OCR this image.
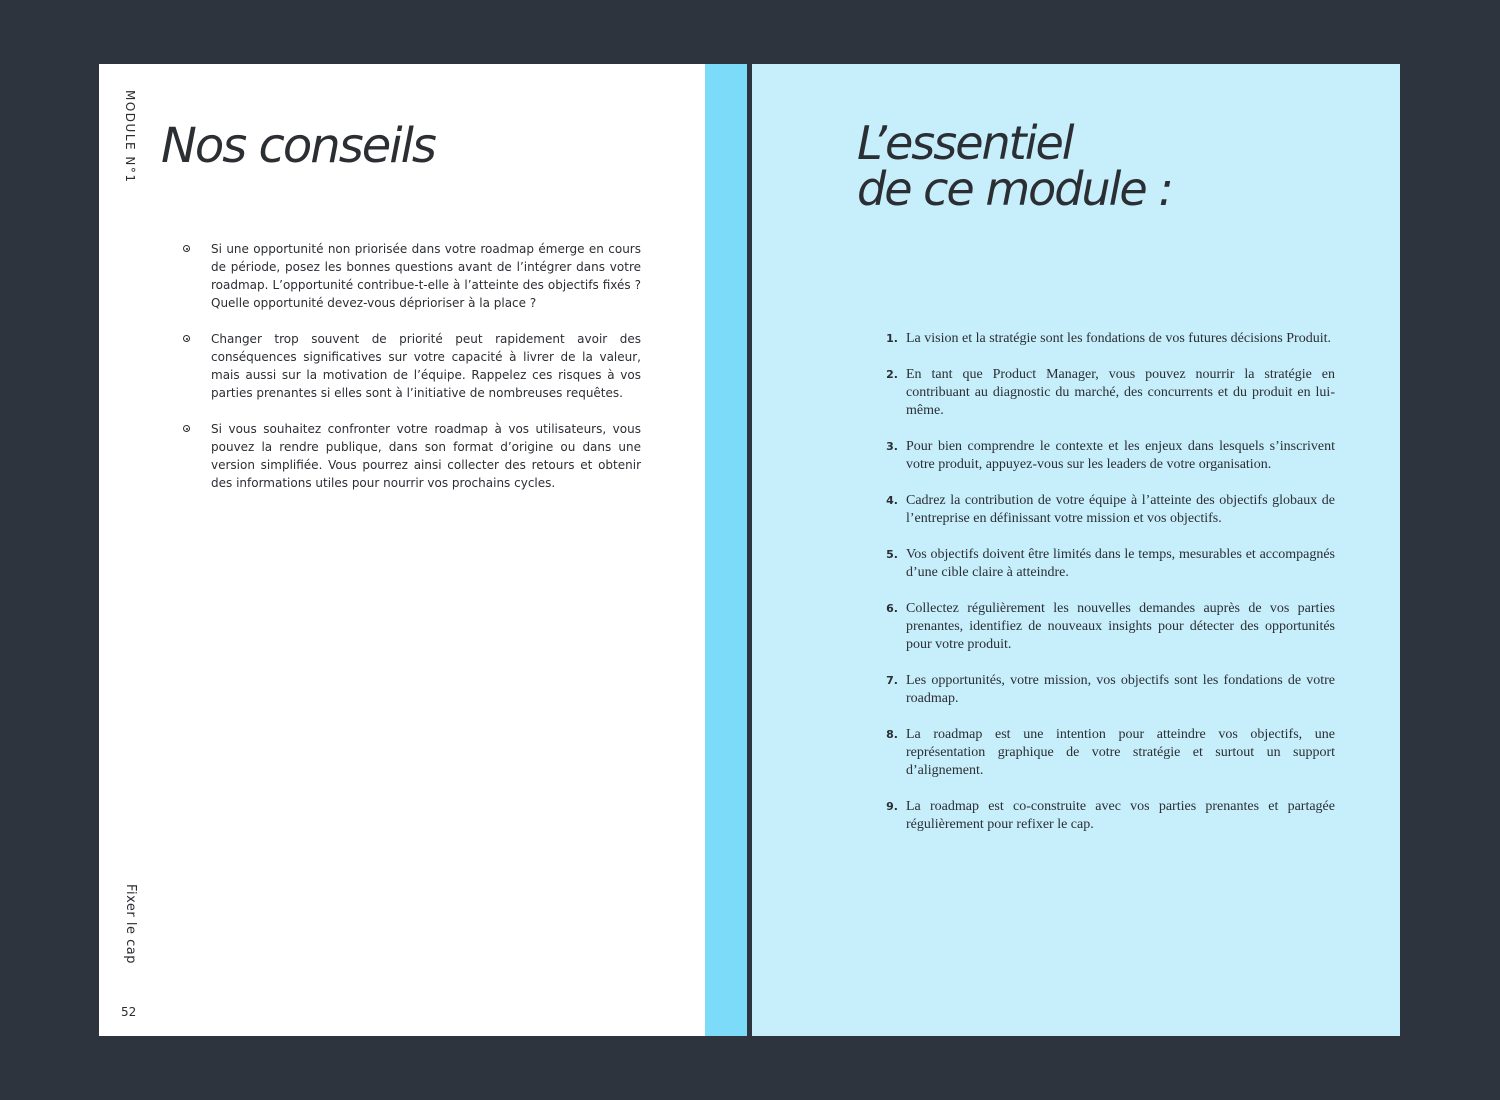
MODULE N°1 Nos conseils
Si une opportunité non priorisée dans votre roadmap émerge en cours de période, posez les bonnes questions avant de l’intégrer dans votre roadmap. L’opportunité contribue-t-elle à l’atteinte des objectifs fixés ? Quelle opportunité devez-vous déprioriser à la place ?
Changer trop souvent de priorité peut rapidement avoir des conséquences significatives sur votre capacité à livrer de la valeur, mais aussi sur la motivation de l’équipe. Rappelez ces risques à vos parties prenantes si elles sont à l’initiative de nombreuses requêtes.
Si vous souhaitez confronter votre roadmap à vos utilisateurs, vous pouvez la rendre publique, dans son format d’origine ou dans une version simplifiée. Vous pourrez ainsi collecter des retours et obtenir des informations utiles pour nourrir vos prochains cycles.
Fixer le cap
52
L’essentiel
de ce module :
1. La vision et la stratégie sont les fondations de vos futures décisions Produit.
2. En tant que Product Manager, vous pouvez nourrir la stratégie en contribuant au diagnostic du marché, des concurrents et du produit en lui-même.
3. Pour bien comprendre le contexte et les enjeux dans lesquels s’inscrivent votre produit, appuyez-vous sur les leaders de votre organisation.
4. Cadrez la contribution de votre équipe à l’atteinte des objectifs globaux de l’entreprise en définissant votre mission et vos objectifs.
5. Vos objectifs doivent être limités dans le temps, mesurables et accompagnés d’une cible claire à atteindre.
6. Collectez régulièrement les nouvelles demandes auprès de vos parties prenantes, identifiez de nouveaux insights pour détecter des opportunités pour votre produit.
7. Les opportunités, votre mission, vos objectifs sont les fondations de votre roadmap.
8. La roadmap est une intention pour atteindre vos objectifs, une représentation graphique de votre stratégie et surtout un support d’alignement.
9. La roadmap est co-construite avec vos parties prenantes et partagée régulièrement pour refixer le cap.
